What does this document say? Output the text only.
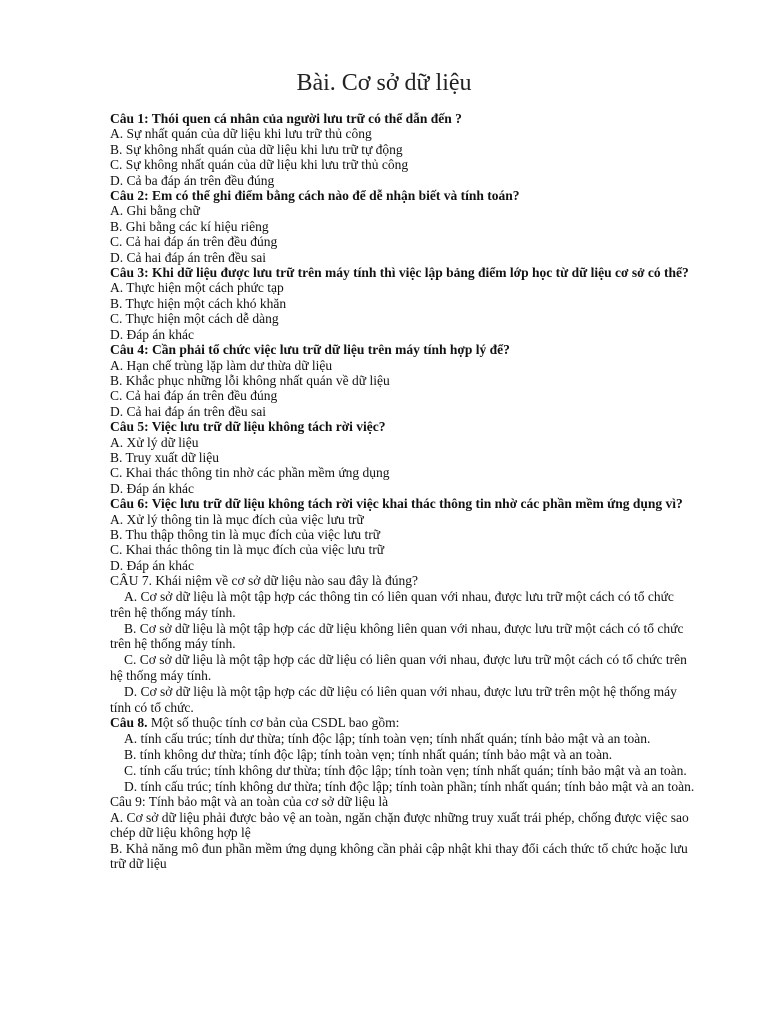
Bài. Cơ sở dữ liệu
Câu 1: Thói quen cá nhân của người lưu trữ có thể dẫn đến ?
A. Sự nhất quán của dữ liệu khi lưu trữ thủ công
B. Sự không nhất quán của dữ liệu khi lưu trữ tự động
C. Sự không nhất quán của dữ liệu khi lưu trữ thủ công
D. Cả ba đáp án trên đều đúng
Câu 2: Em có thể ghi điểm bằng cách nào để dễ nhận biết và tính toán?
A. Ghi bằng chữ
B. Ghi bằng các kí hiệu riêng
C. Cả hai đáp án trên đều đúng
D. Cả hai đáp án trên đều sai
Câu 3: Khi dữ liệu được lưu trữ trên máy tính thì việc lập bảng điểm lớp học từ dữ liệu cơ sở có thể?
A. Thực hiện một cách phức tạp
B. Thực hiện một cách khó khăn
C. Thực hiện một cách dễ dàng
D. Đáp án khác
Câu 4: Cần phải tổ chức việc lưu trữ dữ liệu trên máy tính hợp lý để?
A. Hạn chế trùng lặp làm dư thừa dữ liệu
B. Khắc phục những lỗi không nhất quán về dữ liệu
C. Cả hai đáp án trên đều đúng
D. Cả hai đáp án trên đều sai
Câu 5: Việc lưu trữ dữ liệu không tách rời việc?
A. Xử lý dữ liệu
B. Truy xuất dữ liệu
C. Khai thác thông tin nhờ các phần mềm ứng dụng
D. Đáp án khác
Câu 6: Việc lưu trữ dữ liệu không tách rời việc khai thác thông tin nhờ các phần mềm ứng dụng vì?
A. Xử lý thông tin là mục đích của việc lưu trữ
B. Thu thập thông tin là mục đích của việc lưu trữ
C. Khai thác thông tin là mục đích của việc lưu trữ
D. Đáp án khác
CÂU 7. Khái niệm về cơ sở dữ liệu nào sau đây là đúng?
A. Cơ sở dữ liệu là một tập hợp các thông tin có liên quan với nhau, được lưu trữ một cách có tổ chức trên hệ thống máy tính.
B. Cơ sở dữ liệu là một tập hợp các dữ liệu không liên quan với nhau, được lưu trữ một cách có tổ chức trên hệ thống máy tính.
C. Cơ sở dữ liệu là một tập hợp các dữ liệu có liên quan với nhau, được lưu trữ một cách có tổ chức trên hệ thống máy tính.
D. Cơ sở dữ liệu là một tập hợp các dữ liệu có liên quan với nhau, được lưu trữ trên một hệ thống máy tính có tổ chức.
Câu 8. Một số thuộc tính cơ bản của CSDL bao gồm:
A. tính cấu trúc; tính dư thừa; tính độc lập; tính toàn vẹn; tính nhất quán; tính bảo mật và an toàn.
B. tính không dư thừa; tính độc lập; tính toàn vẹn; tính nhất quán; tính bảo mật và an toàn.
C. tính cấu trúc; tính không dư thừa; tính độc lập; tính toàn vẹn; tính nhất quán; tính bảo mật và an toàn.
D. tính cấu trúc; tính không dư thừa; tính độc lập; tính toàn phần; tính nhất quán; tính bảo mật và an toàn.
Câu 9: Tính bảo mật và an toàn của cơ sở dữ liệu là
A. Cơ sở dữ liệu phải được bảo vệ an toàn, ngăn chặn được những truy xuất trái phép, chống được việc sao chép dữ liệu không hợp lệ
B. Khả năng mô đun phần mềm ứng dụng không cần phải cập nhật khi thay đổi cách thức tổ chức hoặc lưu trữ dữ liệu
